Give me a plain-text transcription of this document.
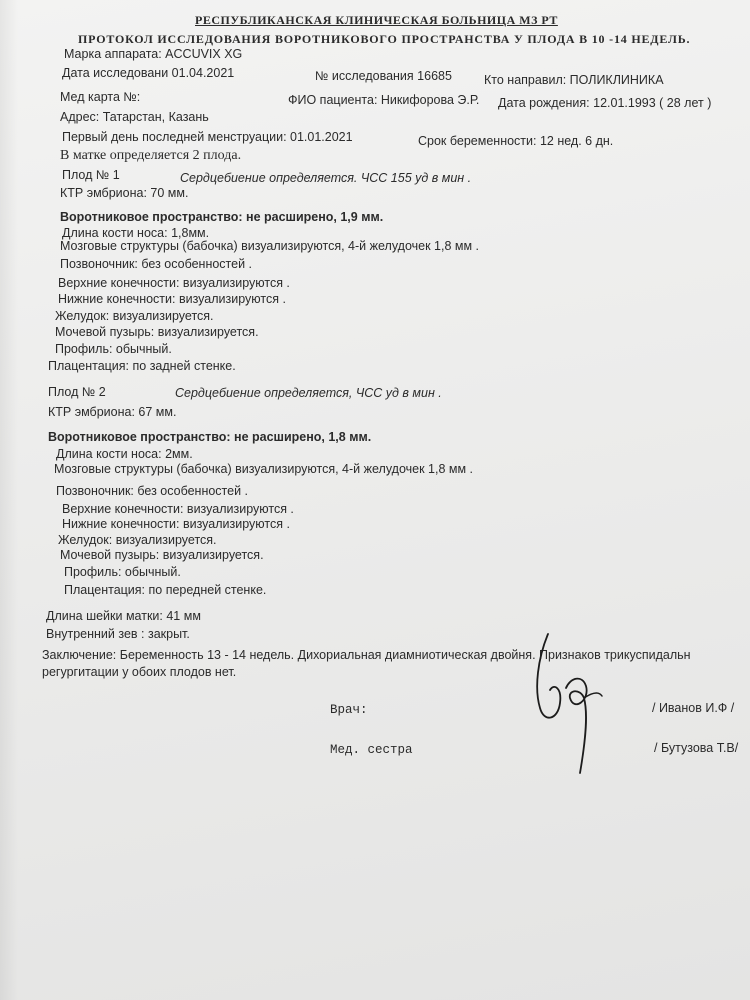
РЕСПУБЛИКАНСКАЯ КЛИНИЧЕСКАЯ БОЛЬНИЦА МЗ РТ
ПРОТОКОЛ ИССЛЕДОВАНИЯ ВОРОТНИКОВОГО ПРОСТРАНСТВА У ПЛОДА В 10 -14 НЕДЕЛЬ.
Марка аппарата: ACCUVIX XG
Дата исследовани 01.04.2021	№ исследования 16685	Кто направил: ПОЛИКЛИНИКА
Мед карта №:	ФИО пациента: Никифорова Э.Р. Дата рождения: 12.01.1993 ( 28 лет )
Адрес: Татарстан, Казань
Первый день последней менструации: 01.01.2021	Срок беременности: 12 нед. 6 дн.
В матке определяется 2 плода.
Плод № 1	Сердцебиение определяется. ЧСС 155 уд в мин .
КТР эмбриона: 70 мм.
Воротниковое пространство: не расширено, 1,9 мм.
Длина кости носа: 1,8мм.
Мозговые структуры (бабочка) визуализируются, 4-й желудочек 1,8 мм .
Позвоночник: без особенностей .
Верхние конечности: визуализируются .
Нижние конечности: визуализируются .
Желудок: визуализируется.
Мочевой пузырь: визуализируется.
Профиль: обычный.
Плацентация: по задней стенке.
Плод № 2	Сердцебиение определяется, ЧСС уд в мин .
КТР эмбриона: 67 мм.
Воротниковое пространство: не расширено, 1,8 мм.
Длина кости носа: 2мм.
Мозговые структуры (бабочка) визуализируются, 4-й желудочек 1,8 мм .
Позвоночник: без особенностей .
Верхние конечности: визуализируются .
Нижние конечности: визуализируются .
Желудок: визуализируется.
Мочевой пузырь: визуализируется.
Профиль: обычный.
Плацентация: по передней стенке.
Длина шейки матки: 41 мм
Внутренний зев : закрыт.
Заключение: Беременность 13 - 14 недель. Дихориальная диамниотическая двойня. Признаков трикуспидальн
регургитации у обоих плодов нет.
Врач:	/ Иванов И.Ф /
Мед. сестра	/ Бутузова Т.В/
